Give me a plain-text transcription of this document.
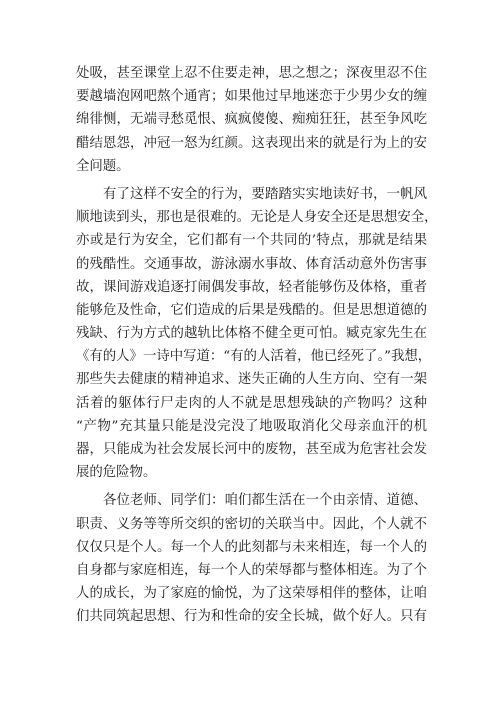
处吸，甚至课堂上忍不住要走神，思之想之；深夜里忍不住
要越墙泡网吧熬个通宵；如果他过早地迷恋于少男少女的缠
绵徘恻，无端寻愁觅恨、疯疯傻傻、痴痴狂狂，甚至争风吃
醋结恩怨，冲冠一怒为红颜。这表现出来的就是行为上的安
全问题。
有了这样不安全的行为，要踏踏实实地读好书，一帆风
顺地读到头，那也是很难的。无论是人身安全还是思想安全，
亦或是行为安全，它们都有一个共同的’特点，那就是结果
的残酷性。交通事故，游泳溺水事故、体育活动意外伤害事
故，课间游戏追逐打闹偶发事故，轻者能够伤及体格，重者
能够危及性命，它们造成的后果是残酷的。但是思想道德的
残缺、行为方式的越轨比体格不健全更可怕。臧克家先生在
《有的人》一诗中写道：“有的人活着，他已经死了。”我想，
那些失去健康的精神追求、迷失正确的人生方向、空有一架
活着的躯体行尸走肉的人不就是思想残缺的产物吗？这种
“产物”充其量只能是没完没了地吸取消化父母亲血汗的机
器，只能成为社会发展长河中的废物，甚至成为危害社会发
展的危险物。
各位老师、同学们：咱们都生活在一个由亲情、道德、
职责、义务等等所交织的密切的关联当中。因此，个人就不
仅仅只是个人。每一个人的此刻都与未来相连，每一个人的
自身都与家庭相连，每一个人的荣辱都与整体相连。为了个
人的成长，为了家庭的愉悦，为了这荣辱相伴的整体，让咱
们共同筑起思想、行为和性命的安全长城，做个好人。只有
